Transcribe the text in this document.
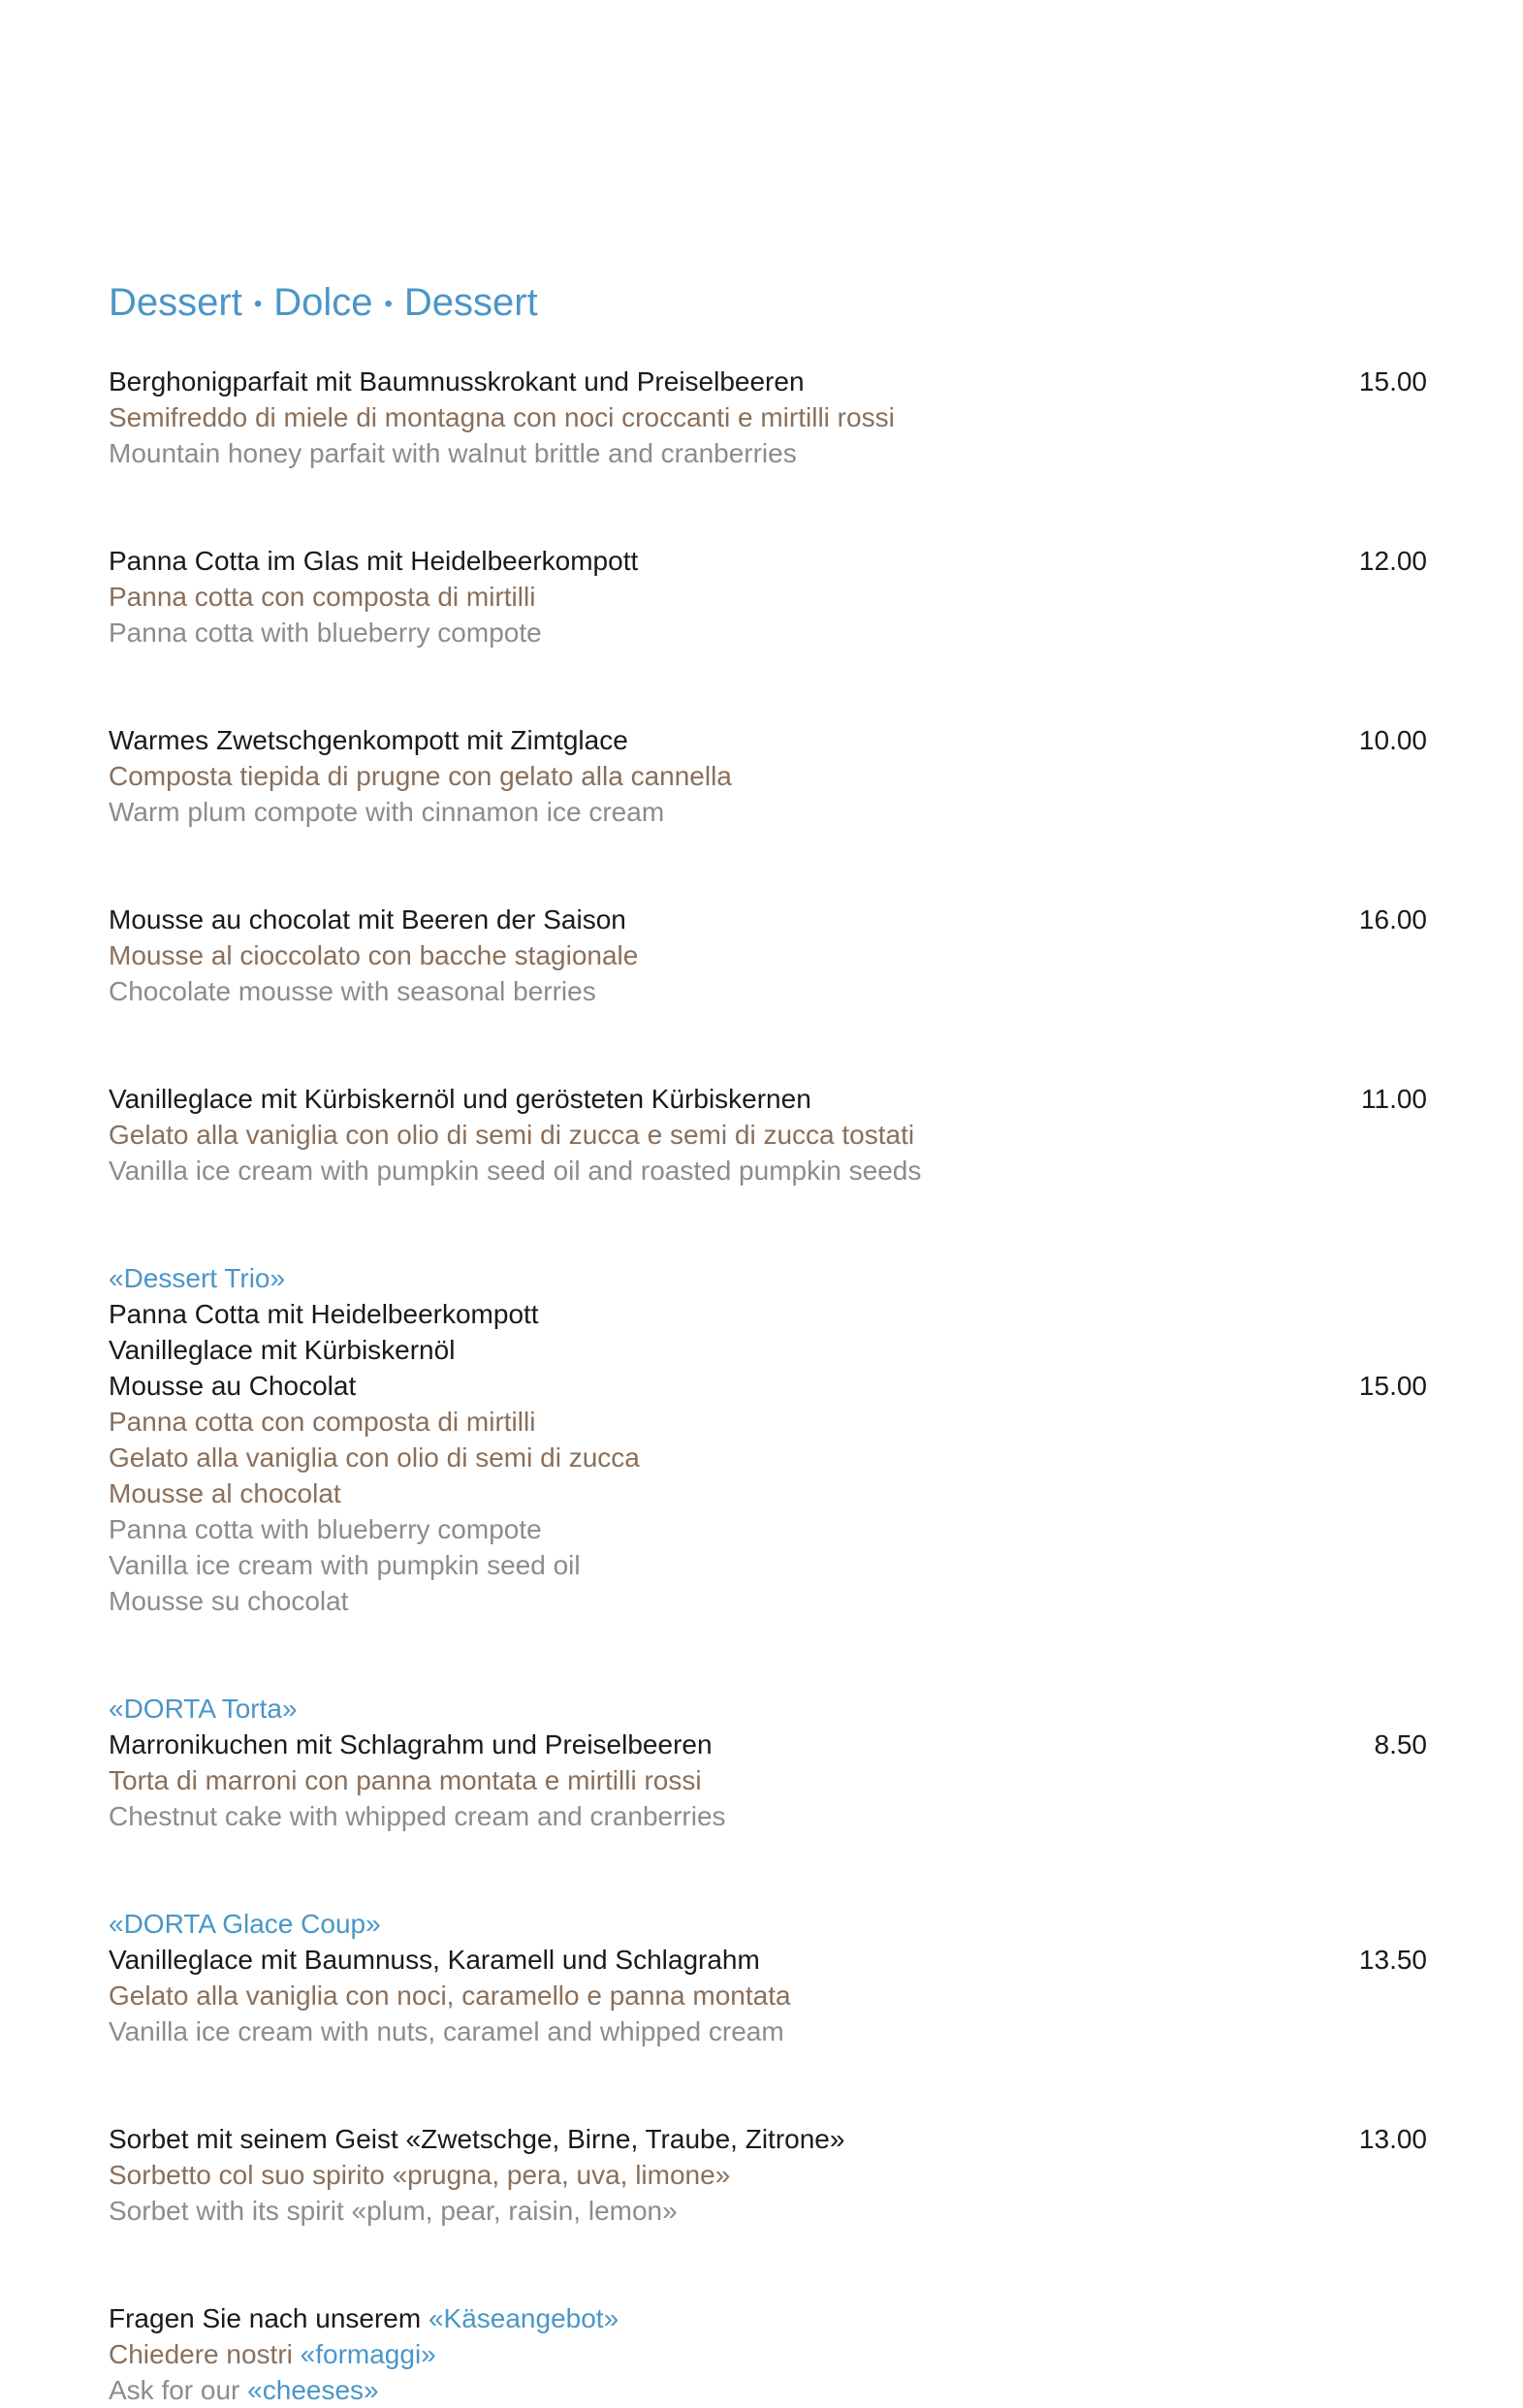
Dessert • Dolce • Dessert
Berghonigparfait mit Baumnusskrokant und Preiselbeeren	15.00
Semifreddo di miele di montagna con noci croccanti e mirtilli rossi
Mountain honey parfait with walnut brittle and cranberries
Panna Cotta im Glas mit Heidelbeerkompott	12.00
Panna cotta con composta di mirtilli
Panna cotta with blueberry compote
Warmes Zwetschgenkompott mit Zimtglace	10.00
Composta tiepida di prugne con gelato alla cannella
Warm plum compote with cinnamon ice cream
Mousse au chocolat mit Beeren der Saison	16.00
Mousse al cioccolato con bacche stagionale
Chocolate mousse with seasonal berries
Vanilleglace mit Kürbiskernöl und gerösteten Kürbiskernen	11.00
Gelato alla vaniglia con olio di semi di zucca e semi di zucca tostati
Vanilla ice cream with pumpkin seed oil and roasted pumpkin seeds
«Dessert Trio»
Panna Cotta mit Heidelbeerkompott
Vanilleglace mit Kürbiskernöl
Mousse au Chocolat	15.00
Panna cotta con composta di mirtilli
Gelato alla vaniglia con olio di semi di zucca
Mousse al chocolat
Panna cotta with blueberry compote
Vanilla ice cream with pumpkin seed oil
Mousse su chocolat
«DORTA Torta»
Marronikuchen mit Schlagrahm und Preiselbeeren	8.50
Torta di marroni con panna montata e mirtilli rossi
Chestnut cake with whipped cream and cranberries
«DORTA Glace Coup»
Vanilleglace mit Baumnuss, Karamell und Schlagrahm	13.50
Gelato alla vaniglia con noci, caramello e panna montata
Vanilla ice cream with nuts, caramel and whipped cream
Sorbet mit seinem Geist «Zwetschge, Birne, Traube, Zitrone»	13.00
Sorbetto col suo spirito «prugna, pera, uva, limone»
Sorbet with its spirit «plum, pear, raisin, lemon»
Fragen Sie nach unserem «Käseangebot»
Chiedere nostri «formaggi»
Ask for our «cheeses»
